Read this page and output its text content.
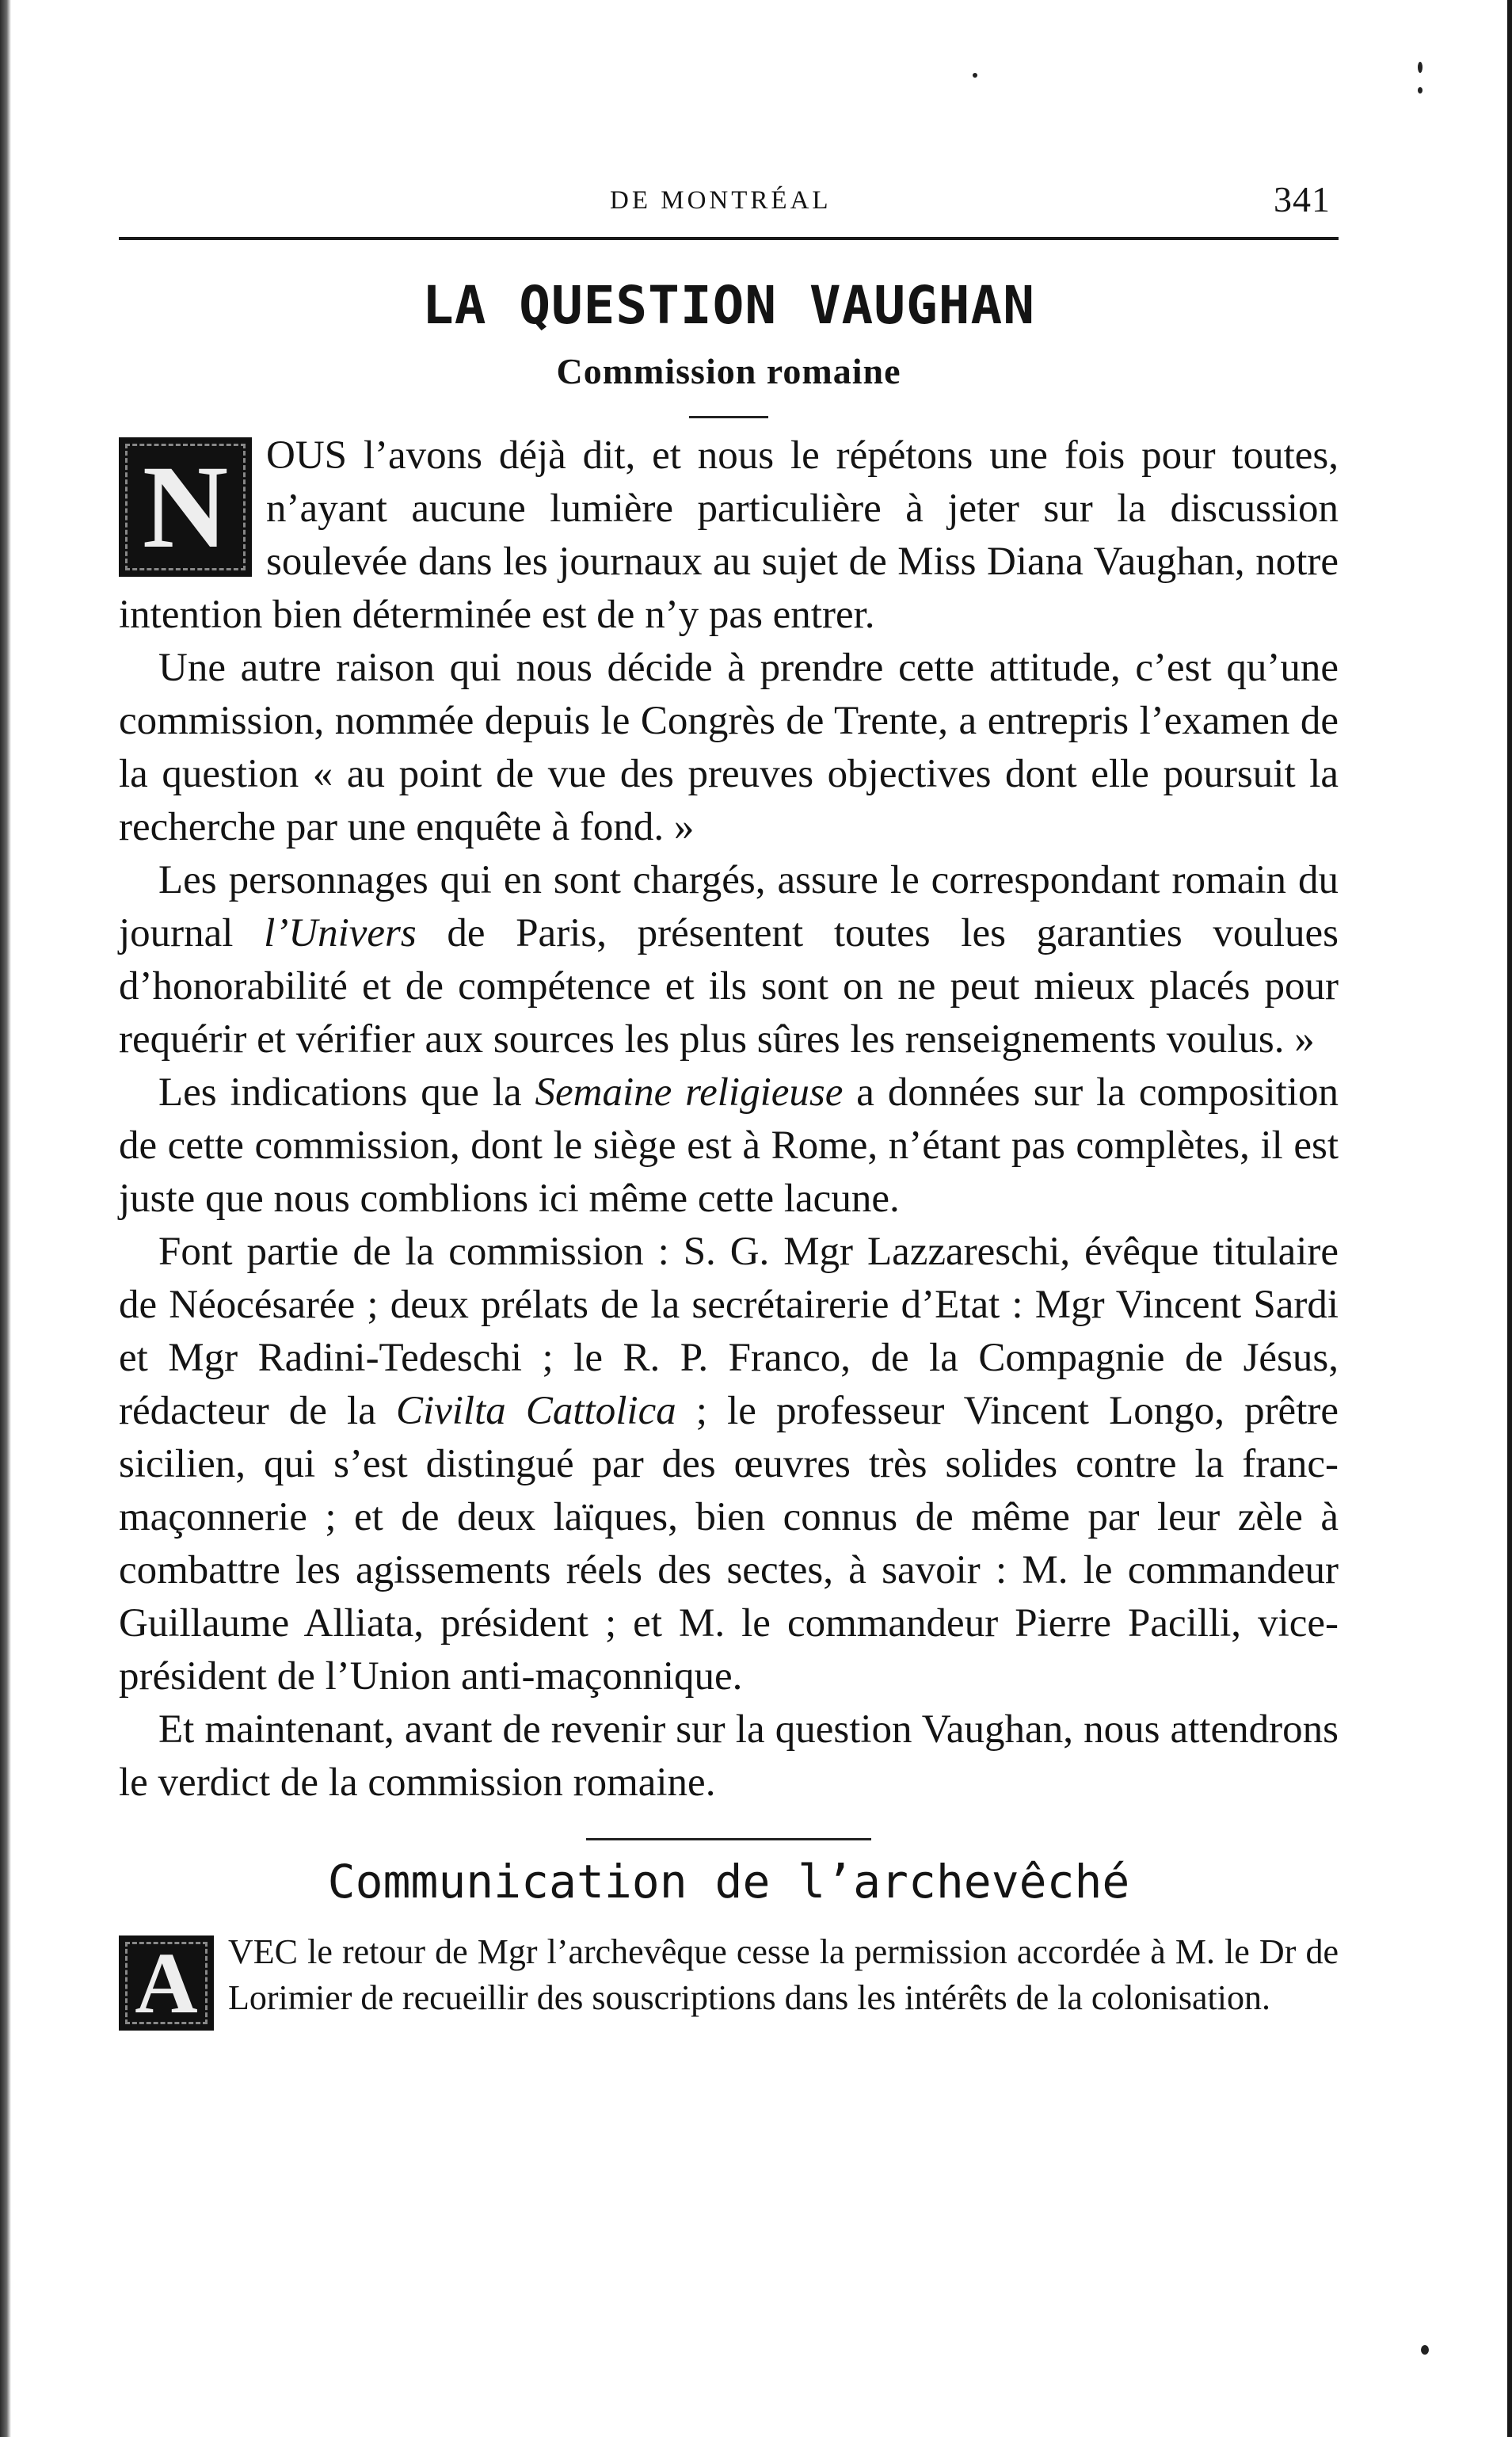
DE MONTRÉAL	341
LA QUESTION VAUGHAN
Commission romaine

N OUS l’avons déjà dit, et nous le répétons une fois pour toutes, n’ayant aucune lumière particulière à jeter sur la discussion soulevée dans les journaux au sujet de Miss Diana Vaughan, notre intention bien déterminée est de n’y pas entrer.

Une autre raison qui nous décide à prendre cette attitude, c’est qu’une commission, nommée depuis le Congrès de Trente, a entrepris l’examen de la question « au point de vue des preuves objectives dont elle poursuit la recherche par une enquête à fond. »

Les personnages qui en sont chargés, assure le correspondant romain du journal l’Univers de Paris, présentent toutes les garanties voulues d’honorabilité et de compétence et ils sont on ne peut mieux placés pour requérir et vérifier aux sources les plus sûres les renseignements voulus. »

Les indications que la Semaine religieuse a données sur la composition de cette commission, dont le siège est à Rome, n’étant pas complètes, il est juste que nous comblions ici même cette lacune.

Font partie de la commission : S. G. Mgr Lazzareschi, évêque titulaire de Néocésarée ; deux prélats de la secrétairerie d’Etat : Mgr Vincent Sardi et Mgr Radini-Tedeschi ; le R. P. Franco, de la Compagnie de Jésus, rédacteur de la Civilta Cattolica ; le professeur Vincent Longo, prêtre sicilien, qui s’est distingué par des œuvres très solides contre la franc-maçonnerie ; et de deux laïques, bien connus de même par leur zèle à combattre les agissements réels des sectes, à savoir : M. le commandeur Guillaume Alliata, président ; et M. le commandeur Pierre Pacilli, vice-président de l’Union anti-maçonnique.

Et maintenant, avant de revenir sur la question Vaughan, nous attendrons le verdict de la commission romaine.

Communication de l’archevêché

A VEC le retour de Mgr l’archevêque cesse la permission accordée à M. le Dr de Lorimier de recueillir des souscriptions dans les intérêts de la colonisation.
